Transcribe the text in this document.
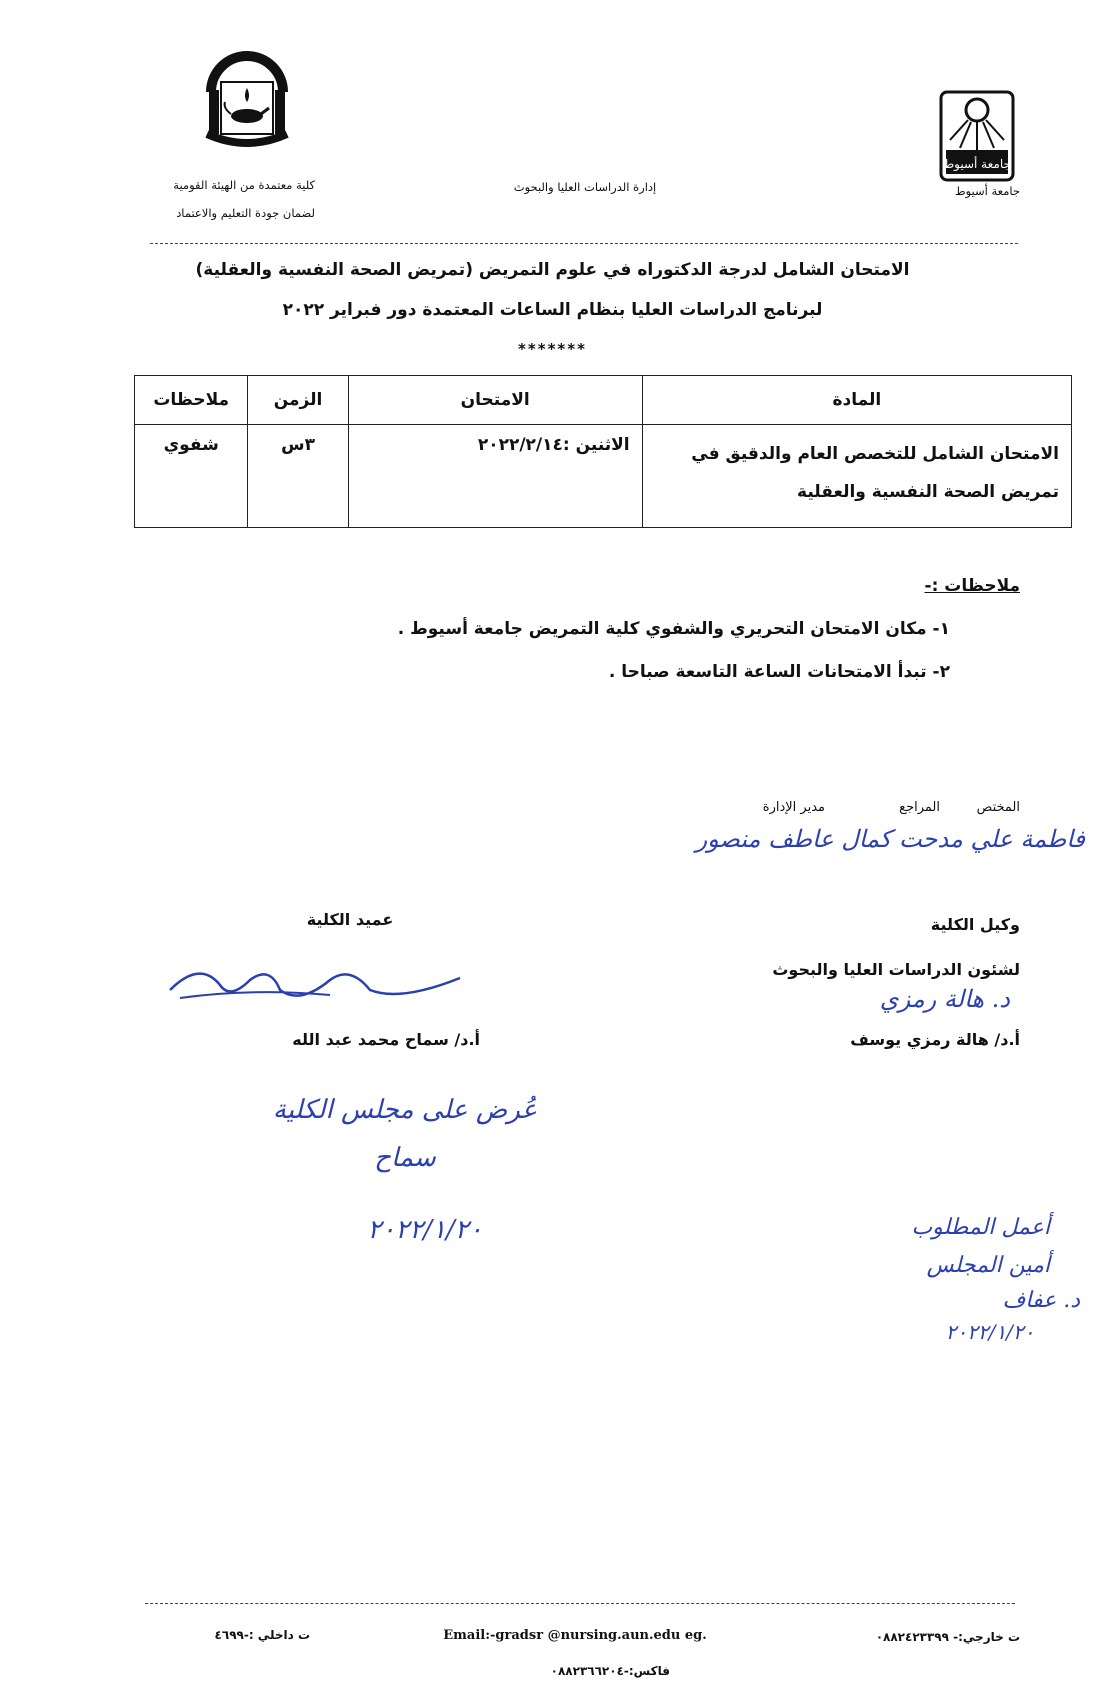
جامعة أسيوط
جامعة أسيوط
إدارة الدراسات العليا والبحوث
كلية معتمدة من الهيئة القومية
لضمان جودة التعليم والاعتماد
الامتحان الشامل لدرجة الدكتوراه في علوم التمريض (تمريض الصحة النفسية والعقلية)
لبرنامج الدراسات العليا بنظام الساعات المعتمدة دور فبراير ٢٠٢٢
*******
المادة	الامتحان	الزمن	ملاحظات

الامتحان الشامل للتخصص العام والدقيق في
تمريض الصحة النفسية والعقلية	الاثنين :٢٠٢٢/٢/١٤	٣س	شفوي
ملاحظات :-
١- مكان الامتحان التحريري والشفوي كلية التمريض جامعة أسيوط .
٢- تبدأ الامتحانات الساعة التاسعة صباحا .
المختص
المراجع
مدير الإدارة
فاطمة علي مدحت كمال عاطف منصور
وكيل الكلية
لشئون الدراسات العليا والبحوث
د. هالة رمزي
أ.د/ هالة رمزي يوسف
عميد الكلية
أ.د/ سماح محمد عبد الله
عُرض على مجلس الكلية
سماح
٢٠٢٢/١/٢٠	أعمل المطلوب
أمين المجلس
د. عفاف
٢٠٢٢/١/٢٠
ت خارجي:- ٠٨٨٢٤٢٣٣٩٩
Email:-gradsr @nursing.aun.edu eg.
ت داخلي :-٤٦٩٩
فاكس:-٠٨٨٢٣٦٦٢٠٤
